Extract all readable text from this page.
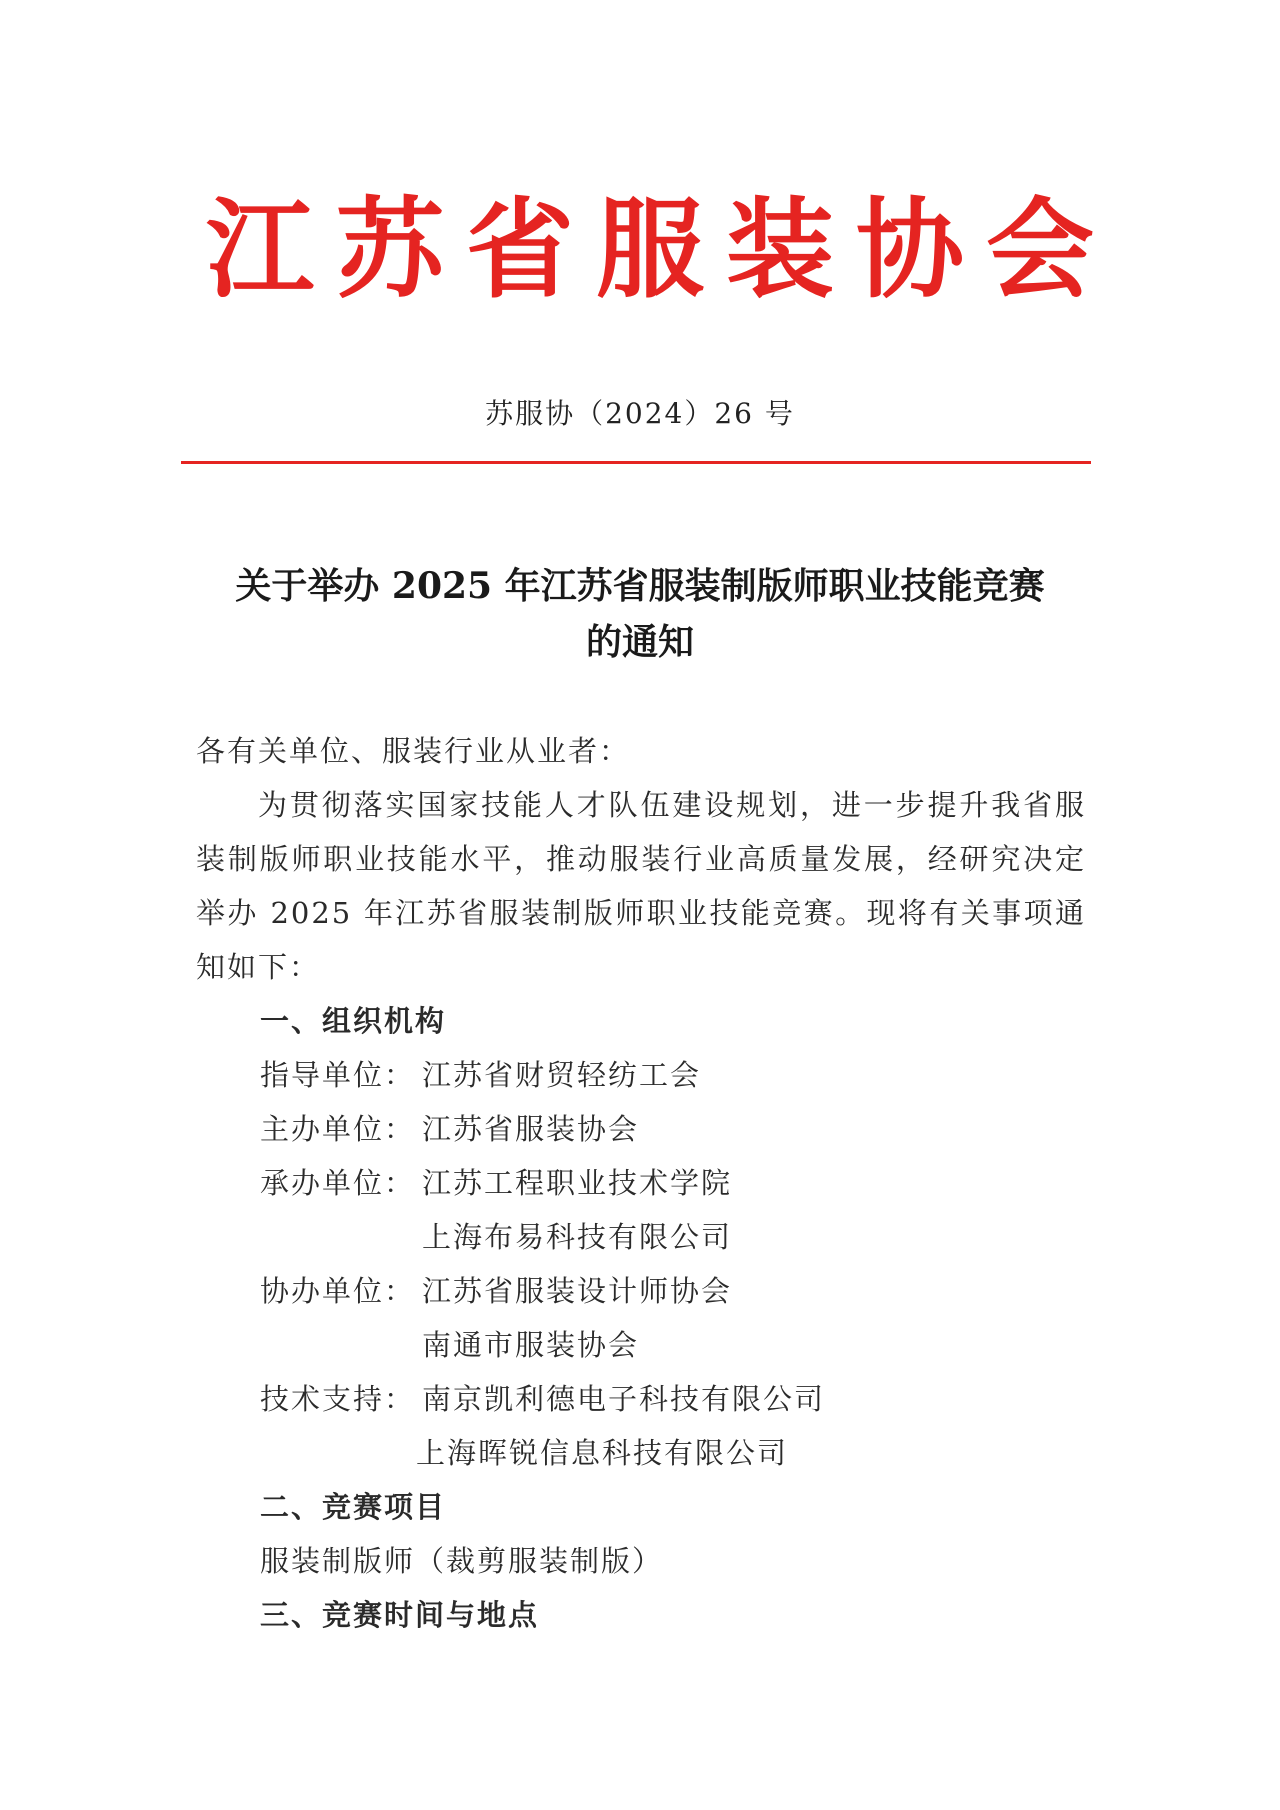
江 苏 省 服 装 协 会
苏服协（2024）26 号
关于举办 2025 年江苏省服装制版师职业技能竞赛
的通知
各有关单位、服装行业从业者：
为贯彻落实国家技能人才队伍建设规划，进一步提升我省服装制版师职业技能水平，推动服装行业高质量发展，经研究决定举办 2025 年江苏省服装制版师职业技能竞赛。现将有关事项通知如下：
一、组织机构
指导单位： 江苏省财贸轻纺工会
主办单位： 江苏省服装协会
承办单位： 江苏工程职业技术学院
上海布易科技有限公司
协办单位： 江苏省服装设计师协会
南通市服装协会
技术支持： 南京凯利德电子科技有限公司
上海晖锐信息科技有限公司
二、竞赛项目
服装制版师（裁剪服装制版）
三、竞赛时间与地点
